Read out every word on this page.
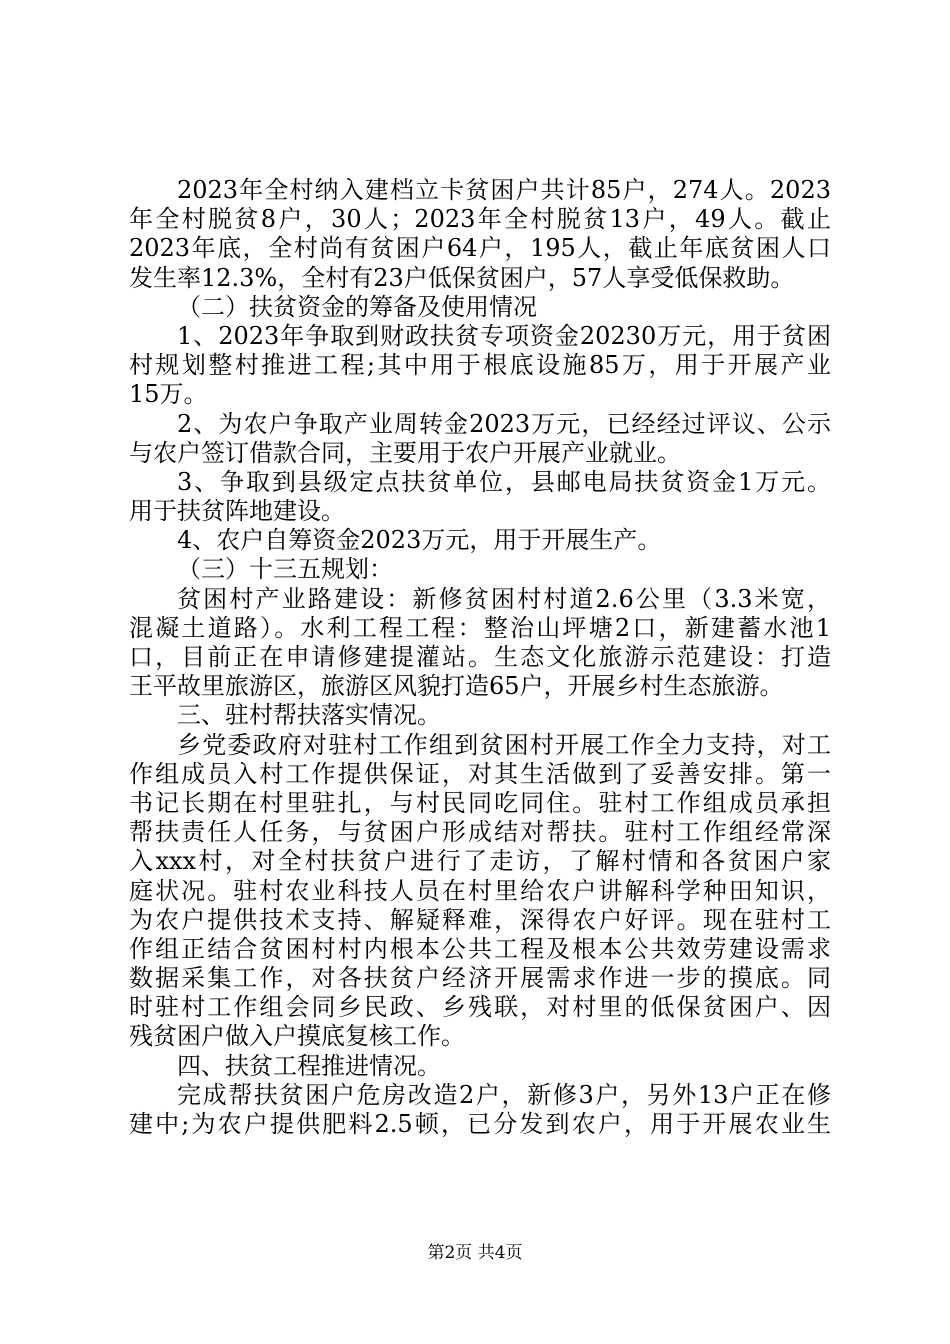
2023年全村纳入建档立卡贫困户共计85户，274人。2023
年全村脱贫8户，30人；2023年全村脱贫13户，49人。截止
2023年底，全村尚有贫困户64户，195人，截止年底贫困人口
发生率12.3%，全村有23户低保贫困户，57人享受低保救助。
（二）扶贫资金的筹备及使用情况
1、2023年争取到财政扶贫专项资金20230万元，用于贫困
村规划整村推进工程;其中用于根底设施85万，用于开展产业
15万。
2、为农户争取产业周转金2023万元，已经经过评议、公示
与农户签订借款合同，主要用于农户开展产业就业。
3、争取到县级定点扶贫单位，县邮电局扶贫资金1万元。
用于扶贫阵地建设。
4、农户自筹资金2023万元，用于开展生产。
（三）十三五规划：
贫困村产业路建设：新修贫困村村道2.6公里（3.3米宽，
混凝土道路）。水利工程工程：整治山坪塘2口，新建蓄水池1
口，目前正在申请修建提灌站。生态文化旅游示范建设：打造
王平故里旅游区，旅游区风貌打造65户，开展乡村生态旅游。
三、驻村帮扶落实情况。
乡党委政府对驻村工作组到贫困村开展工作全力支持，对工
作组成员入村工作提供保证，对其生活做到了妥善安排。第一
书记长期在村里驻扎，与村民同吃同住。驻村工作组成员承担
帮扶责任人任务，与贫困户形成结对帮扶。驻村工作组经常深
入xxx村，对全村扶贫户进行了走访，了解村情和各贫困户家
庭状况。驻村农业科技人员在村里给农户讲解科学种田知识，
为农户提供技术支持、解疑释难，深得农户好评。现在驻村工
作组正结合贫困村村内根本公共工程及根本公共效劳建设需求
数据采集工作，对各扶贫户经济开展需求作进一步的摸底。同
时驻村工作组会同乡民政、乡残联，对村里的低保贫困户、因
残贫困户做入户摸底复核工作。
四、扶贫工程推进情况。
完成帮扶贫困户危房改造2户，新修3户，另外13户正在修
建中;为农户提供肥料2.5顿，已分发到农户，用于开展农业生
第2页 共4页
